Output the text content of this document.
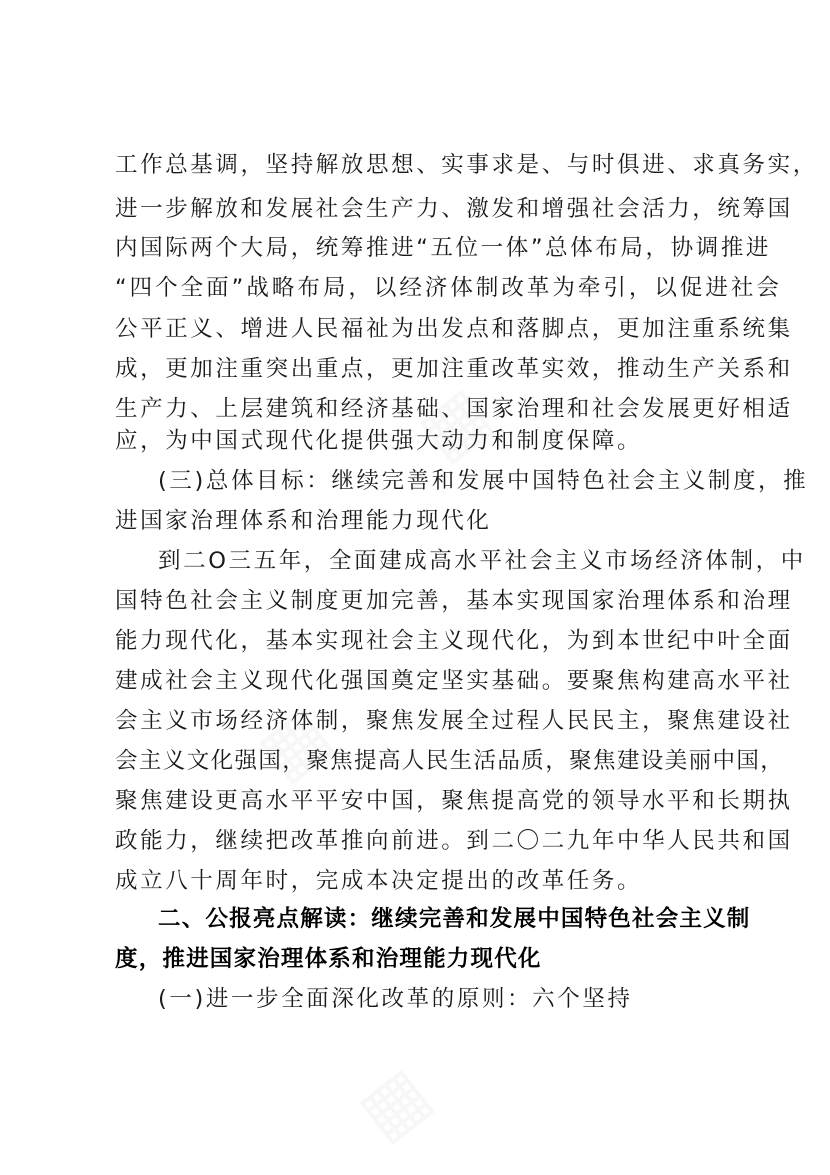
▦
▦
▦
工作总基调，坚持解放思想、实事求是、与时俱进、求真务实，
进一步解放和发展社会生产力、激发和增强社会活力，统筹国
内国际两个大局，统筹推进“五位一体”总体布局，协调推进
“四个全面”战略布局，以经济体制改革为牵引，以促进社会
公平正义、增进人民福祉为出发点和落脚点，更加注重系统集
成，更加注重突出重点，更加注重改革实效，推动生产关系和
生产力、上层建筑和经济基础、国家治理和社会发展更好相适
应，为中国式现代化提供强大动力和制度保障。
(三)总体目标：继续完善和发展中国特色社会主义制度，推
进国家治理体系和治理能力现代化
到二O三五年，全面建成高水平社会主义市场经济体制，中
国特色社会主义制度更加完善，基本实现国家治理体系和治理
能力现代化，基本实现社会主义现代化，为到本世纪中叶全面
建成社会主义现代化强国奠定坚实基础。要聚焦构建高水平社
会主义市场经济体制，聚焦发展全过程人民民主，聚焦建设社
会主义文化强国，聚焦提高人民生活品质，聚焦建设美丽中国，
聚焦建设更高水平平安中国，聚焦提高党的领导水平和长期执
政能力，继续把改革推向前进。到二〇二九年中华人民共和国
成立八十周年时，完成本决定提出的改革任务。
二、公报亮点解读：继续完善和发展中国特色社会主义制
度，推进国家治理体系和治理能力现代化
(一)进一步全面深化改革的原则：六个坚持
